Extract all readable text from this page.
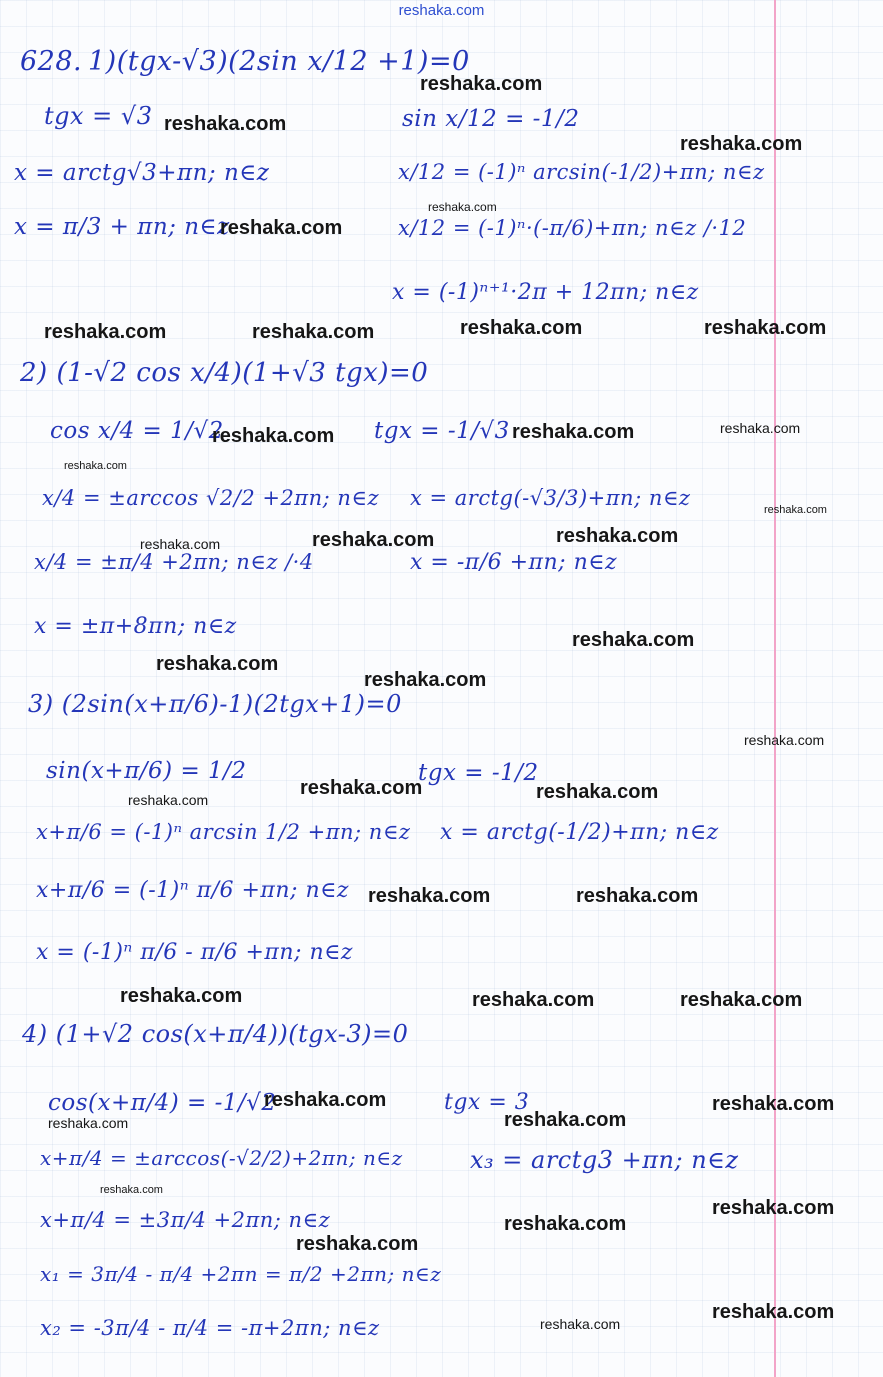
reshaka.com
628. 1)(tgx-√3)(2sin x/12 +1)=0
tgx = √3
x = arctg√3+πn; n∈z
x = π/3 + πn; n∈z
sin x/12 = -1/2
x/12 = (-1)ⁿ arcsin(-1/2)+πn; n∈z
x/12 = (-1)ⁿ·(-π/6)+πn; n∈z /·12
x = (-1)ⁿ⁺¹·2π + 12πn; n∈z
2) (1-√2 cos x/4)(1+√3 tgx)=0
cos x/4 = 1/√2
x/4 = ±arccos √2/2 +2πn; n∈z
x/4 = ±π/4 +2πn; n∈z /·4
x = ±π+8πn; n∈z
tgx = -1/√3
x = arctg(-√3/3)+πn; n∈z
x = -π/6 +πn; n∈z
3) (2sin(x+π/6)-1)(2tgx+1)=0
sin(x+π/6) = 1/2
x+π/6 = (-1)ⁿ arcsin 1/2 +πn; n∈z
x+π/6 = (-1)ⁿ π/6 +πn; n∈z
x = (-1)ⁿ π/6 - π/6 +πn; n∈z
tgx = -1/2
x = arctg(-1/2)+πn; n∈z
4) (1+√2 cos(x+π/4))(tgx-3)=0
cos(x+π/4) = -1/√2
x+π/4 = ±arccos(-√2/2)+2πn; n∈z
x+π/4 = ±3π/4 +2πn; n∈z
x₁ = 3π/4 - π/4 +2πn = π/2 +2πn; n∈z
x₂ = -3π/4 - π/4 = -π+2πn; n∈z
tgx = 3
x₃ = arctg3 +πn; n∈z
reshaka.com
reshaka.com
reshaka.com
reshaka.com
reshaka.com
reshaka.com	reshaka.com	reshaka.com	reshaka.com
reshaka.com	reshaka.com	reshaka.com
reshaka.com
reshaka.com
reshaka.com	reshaka.com
reshaka.com
reshaka.com
reshaka.com
reshaka.com
reshaka.com
reshaka.com	reshaka.com
reshaka.com
reshaka.com	reshaka.com
reshaka.com	reshaka.com	reshaka.com
reshaka.com	reshaka.com
reshaka.com
reshaka.com
reshaka.com
reshaka.com
reshaka.com
reshaka.com
reshaka.com
reshaka.com
